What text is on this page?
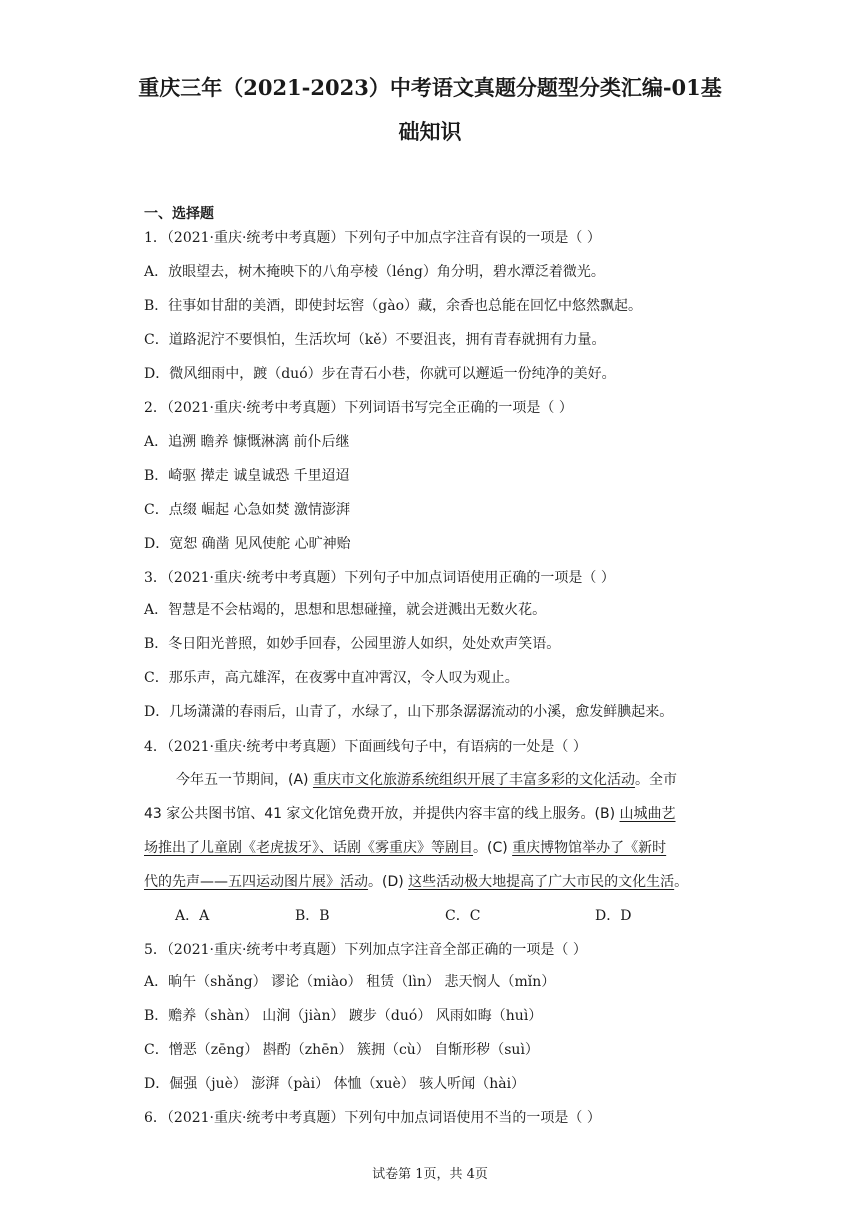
重庆三年（2021-2023）中考语文真题分题型分类汇编-01基
础知识
一、选择题
1．（2021·重庆·统考中考真题）下列句子中加点字注音有误的一项是（ ）
A．放眼望去，树木掩映下的八角亭棱（léng）角分明，碧水潭泛着微光。
B．往事如甘甜的美酒，即使封坛窖（gào）藏，余香也总能在回忆中悠然飘起。
C．道路泥泞不要惧怕，生活坎坷（kě）不要沮丧，拥有青春就拥有力量。
D．微风细雨中，踱（duó）步在青石小巷，你就可以邂逅一份纯净的美好。
2．（2021·重庆·统考中考真题）下列词语书写完全正确的一项是（ ）
A．追溯 瞻养 慷慨淋漓 前仆后继
B．崎驱 撵走 诚皇诚恐 千里迢迢
C．点缀 崛起 心急如焚 激情澎湃
D．宽恕 确凿 见风使舵 心旷神贻
3．（2021·重庆·统考中考真题）下列句子中加点词语使用正确的一项是（ ）
A．智慧是不会枯竭的，思想和思想碰撞，就会迸溅出无数火花。
B．冬日阳光普照，如妙手回春，公园里游人如织，处处欢声笑语。
C．那乐声，高亢雄浑，在夜雾中直冲霄汉，令人叹为观止。
D．几场潇潇的春雨后，山青了，水绿了，山下那条潺潺流动的小溪，愈发鲜腆起来。
4．（2021·重庆·统考中考真题）下面画线句子中，有语病的一处是（ ）
今年五一节期间，(A) 重庆市文化旅游系统组织开展了丰富多彩的文化活动。全市
43 家公共图书馆、41 家文化馆免费开放，并提供内容丰富的线上服务。(B) 山城曲艺
场推出了儿童剧《老虎拔牙》、话剧《雾重庆》等剧目。(C) 重庆博物馆举办了《新时
代的先声——五四运动图片展》活动。(D) 这些活动极大地提高了广大市民的文化生活。
A．A	B．B	C．C	D．D
5．（2021·重庆·统考中考真题）下列加点字注音全部正确的一项是（ ）
A．晌午（shǎng） 谬论（miào） 租赁（lìn） 悲天悯人（mǐn）
B．赡养（shàn） 山涧（jiàn） 踱步（duó） 风雨如晦（huì）
C．憎恶（zēng） 斟酌（zhēn） 簇拥（cù） 自惭形秽（suì）
D．倔强（juè） 澎湃（pài） 体恤（xuè） 骇人听闻（hài）
6．（2021·重庆·统考中考真题）下列句中加点词语使用不当的一项是（ ）
试卷第 1页，共 4页
